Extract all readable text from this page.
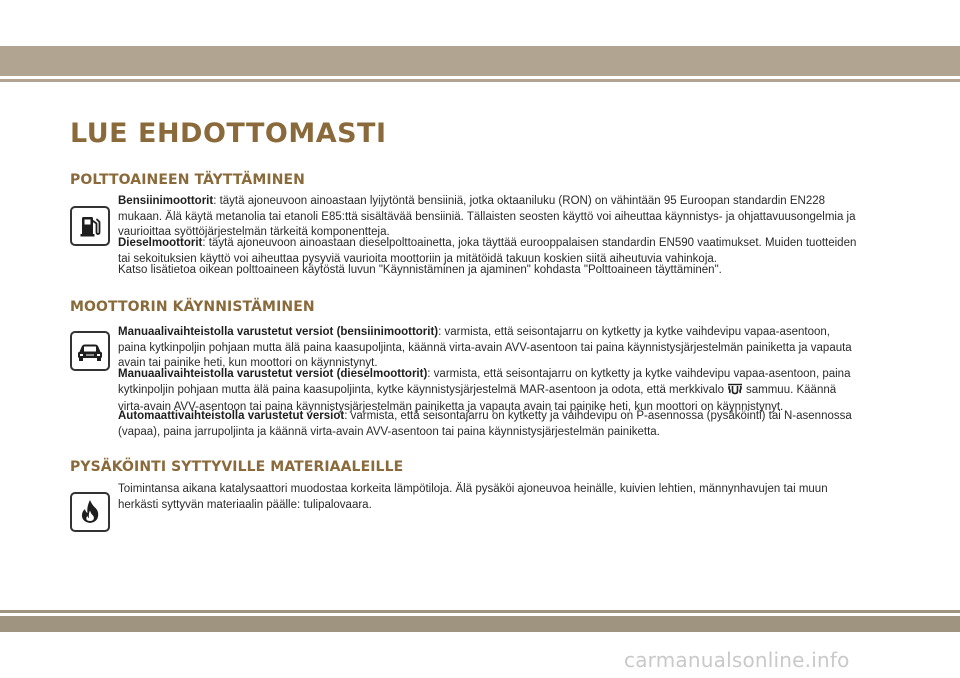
LUE EHDOTTOMASTI
POLTTOAINEEN TÄYTTÄMINEN

Bensiinimoottorit: täytä ajoneuvoon ainoastaan lyijytöntä bensiiniä, jotka oktaaniluku (RON) on vähintään 95 Euroopan standardin EN228 mukaan. Älä käytä metanolia tai etanoli E85:ttä sisältävää bensiiniä. Tällaisten seosten käyttö voi aiheuttaa käynnistys- ja ohjattavuusongelmia ja vaurioittaa syöttöjärjestelmän tärkeitä komponentteja.

Dieselmoottorit: täytä ajoneuvoon ainoastaan dieselpolttoainetta, joka täyttää eurooppalaisen standardin EN590 vaatimukset. Muiden tuotteiden tai sekoituksien käyttö voi aiheuttaa pysyviä vaurioita moottoriin ja mitätöidä takuun koskien siitä aiheutuvia vahinkoja.

Katso lisätietoa oikean polttoaineen käytöstä luvun "Käynnistäminen ja ajaminen" kohdasta "Polttoaineen täyttäminen".

MOOTTORIN KÄYNNISTÄMINEN

Manuaalivaihteistolla varustetut versiot (bensiinimoottorit): varmista, että seisontajarru on kytketty ja kytke vaihdevipu vapaa-asentoon, paina kytkinpoljin pohjaan mutta älä paina kaasupoljinta, käännä virta-avain AVV-asentoon tai paina käynnistysjärjestelmän painiketta ja vapauta avain tai painike heti, kun moottori on käynnistynyt.

Manuaalivaihteistolla varustetut versiot (dieselmoottorit): varmista, että seisontajarru on kytketty ja kytke vaihdevipu vapaa-asentoon, paina kytkinpoljin pohjaan mutta älä paina kaasupoljinta, kytke käynnistysjärjestelmä MAR-asentoon ja odota, että merkkivalo sammuu. Käännä virta-avain AVV-asentoon tai paina käynnistysjärjestelmän painiketta ja vapauta avain tai painike heti, kun moottori on käynnistynyt.

Automaattivaihteistolla varustetut versiot: varmista, että seisontajarru on kytketty ja vaihdevipu on P-asennossa (pysäköinti) tai N-asennossa (vapaa), paina jarrupoljinta ja käännä virta-avain AVV-asentoon tai paina käynnistysjärjestelmän painiketta.

PYSÄKÖINTI SYTTYVILLE MATERIAALEILLE

Toimintansa aikana katalysaattori muodostaa korkeita lämpötiloja. Älä pysäköi ajoneuvoa heinälle, kuivien lehtien, männynhavujen tai muun herkästi syttyvän materiaalin päälle: tulipalovaara.

carmanualsonline.info
